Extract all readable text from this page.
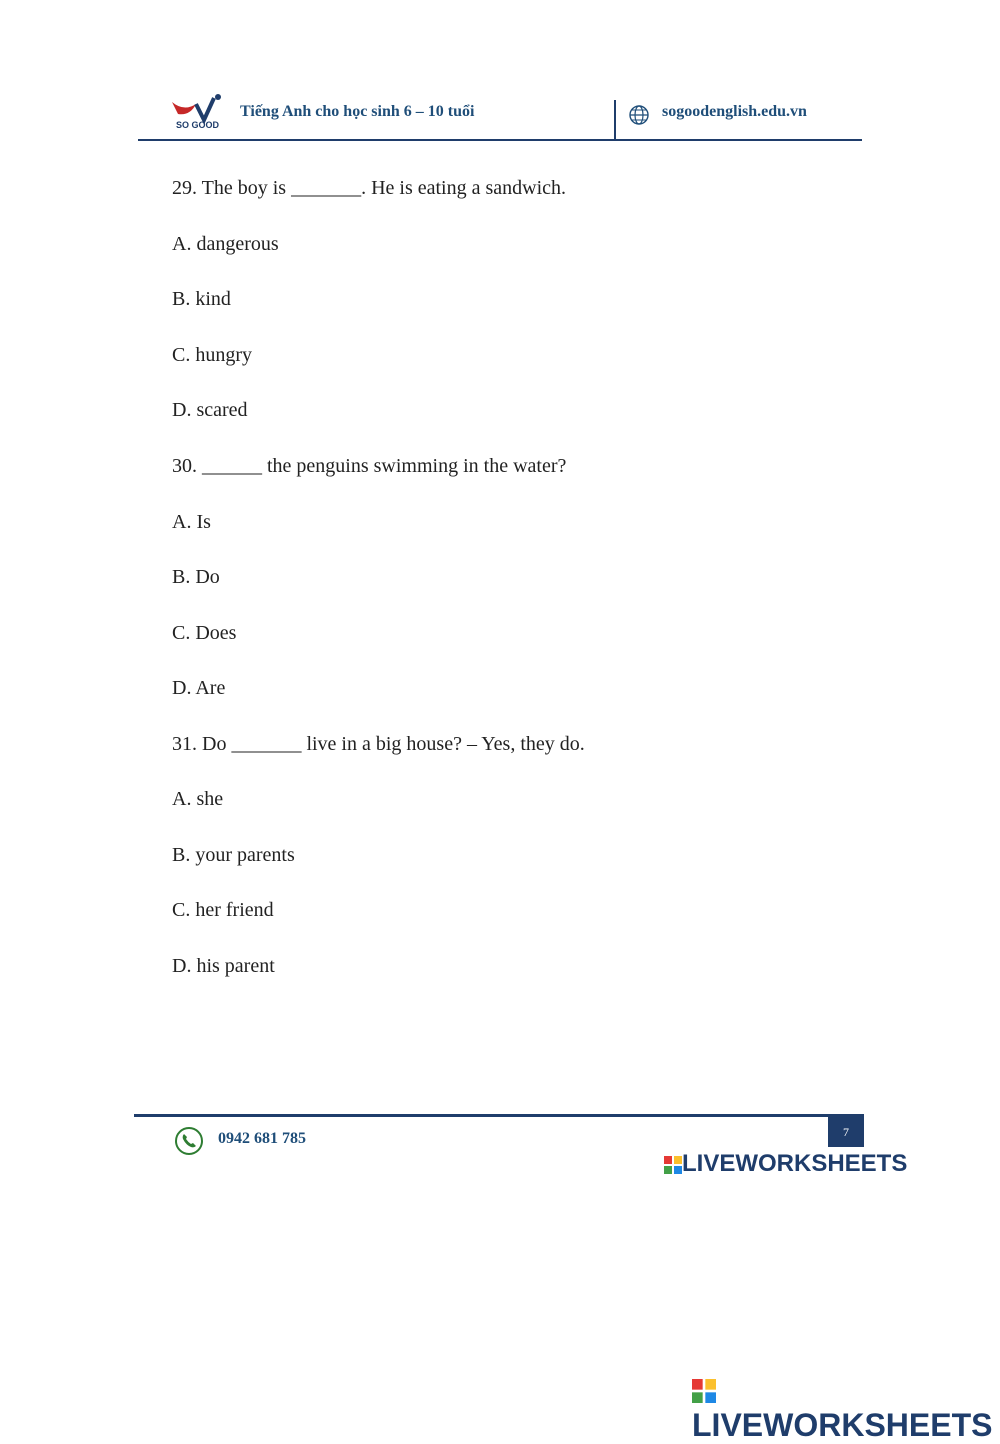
SO GOOD
Tiếng Anh cho học sinh 6 – 10 tuổi	sogoodenglish.edu.vn
29. The boy is _______. He is eating a sandwich.
A. dangerous
B. kind
C. hungry
D. scared
30. ______ the penguins swimming in the water?
A. Is
B. Do
C. Does
D. Are
31. Do _______ live in a big house? – Yes, they do.
A. she
B. your parents
C. her friend
D. his parent
7
0942 681 785
LIVEWORKSHEETS
LIVEWORKSHEETS
